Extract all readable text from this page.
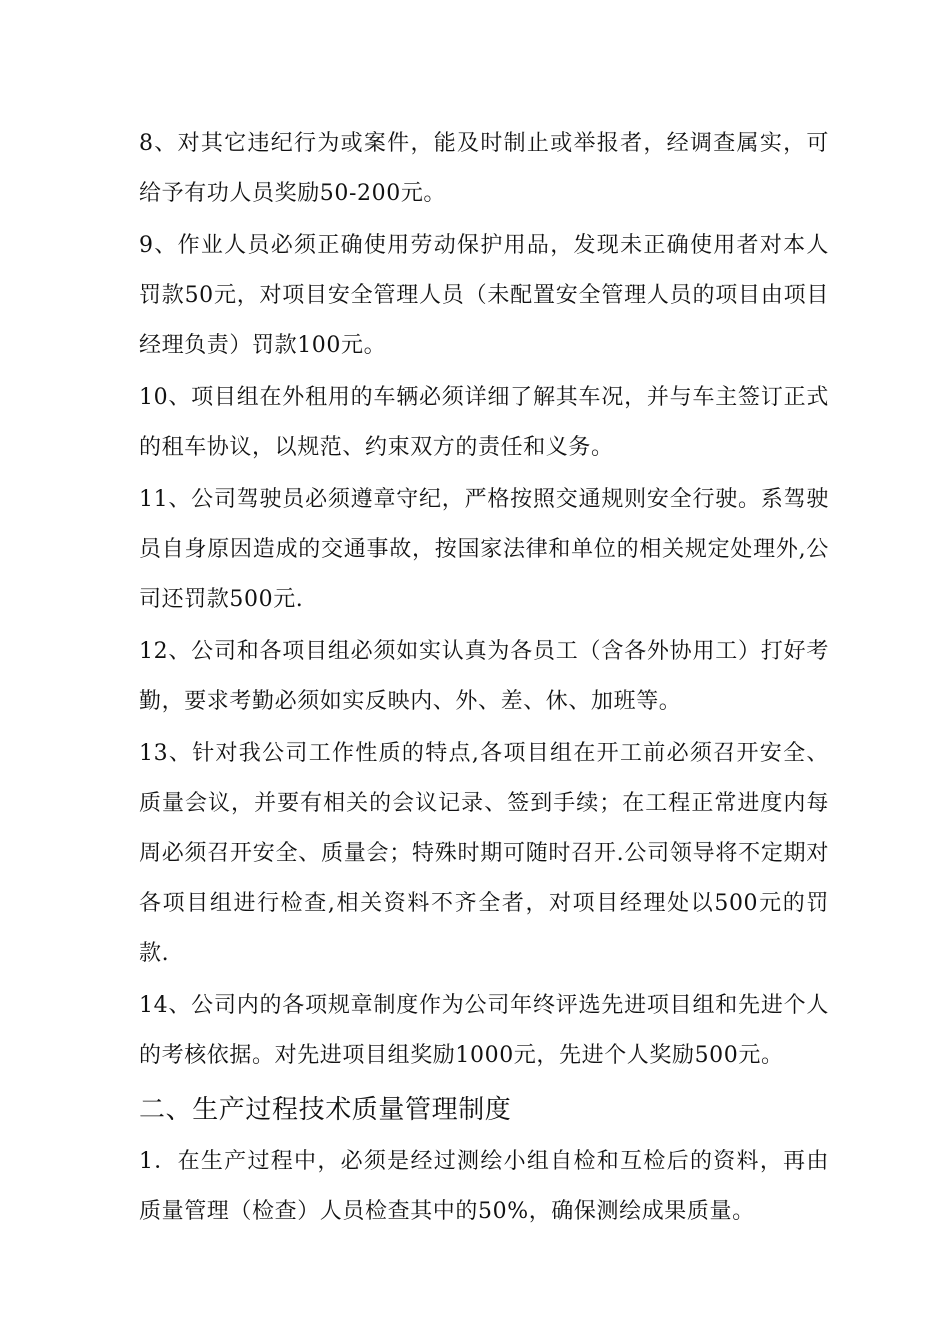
8、对其它违纪行为或案件，能及时制止或举报者，经调查属实，可给予有功人员奖励50-200元。

9、作业人员必须正确使用劳动保护用品，发现未正确使用者对本人罚款50元，对项目安全管理人员（未配置安全管理人员的项目由项目经理负责）罚款100元。

10、项目组在外租用的车辆必须详细了解其车况，并与车主签订正式的租车协议，以规范、约束双方的责任和义务。

11、公司驾驶员必须遵章守纪，严格按照交通规则安全行驶。系驾驶员自身原因造成的交通事故，按国家法律和单位的相关规定处理外,公司还罚款500元.

12、公司和各项目组必须如实认真为各员工（含各外协用工）打好考勤，要求考勤必须如实反映内、外、差、休、加班等。

13、针对我公司工作性质的特点,各项目组在开工前必须召开安全、质量会议，并要有相关的会议记录、签到手续；在工程正常进度内每周必须召开安全、质量会；特殊时期可随时召开.公司领导将不定期对各项目组进行检查,相关资料不齐全者，对项目经理处以500元的罚款.

14、公司内的各项规章制度作为公司年终评选先进项目组和先进个人的考核依据。对先进项目组奖励1000元，先进个人奖励500元。

二、生产过程技术质量管理制度

1．在生产过程中，必须是经过测绘小组自检和互检后的资料，再由质量管理（检查）人员检查其中的50%，确保测绘成果质量。
